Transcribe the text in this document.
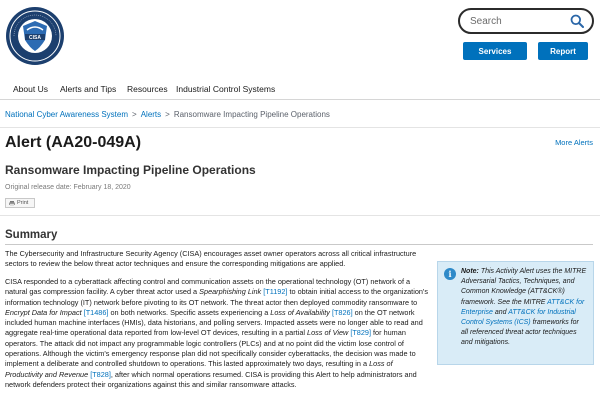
CISA
Search
Services	Report
About Us Alerts and Tips Resources Industrial Control Systems
National Cyber Awareness System > Alerts > Ransomware Impacting Pipeline Operations
Alert (AA20-049A)	More Alerts
Ransomware Impacting Pipeline Operations
Original release date: February 18, 2020
Print
Summary

The Cybersecurity and Infrastructure Security Agency (CISA) encourages asset owner operators across all critical infrastructure sectors to review the below threat actor techniques and ensure the corresponding mitigations are applied.

CISA responded to a cyberattack affecting control and communication assets on the operational technology (OT) network of a natural gas compression facility. A cyber threat actor used a Spearphishing Link [T1192] to obtain initial access to the organization's information technology (IT) network before pivoting to its OT network. The threat actor then deployed commodity ransomware to Encrypt Data for Impact [T1486] on both networks. Specific assets experiencing a Loss of Availability [T826] on the OT network included human machine interfaces (HMIs), data historians, and polling servers. Impacted assets were no longer able to read and aggregate real-time operational data reported from low-level OT devices, resulting in a partial Loss of View [T829] for human operators. The attack did not impact any programmable logic controllers (PLCs) and at no point did the victim lose control of operations. Although the victim's emergency response plan did not specifically consider cyberattacks, the decision was made to implement a deliberate and controlled shutdown to operations. This lasted approximately two days, resulting in a Loss of Productivity and Revenue [T828], after which normal operations resumed. CISA is providing this Alert to help administrators and network defenders protect their organizations against this and similar ransomware attacks.

i	Note: This Activity Alert uses the MITRE Adversarial Tactics, Techniques, and Common Knowledge (ATT&CK®) framework. See the MITRE ATT&CK for Enterprise and ATT&CK for Industrial Control Systems (ICS) frameworks for all referenced threat actor techniques and mitigations.
